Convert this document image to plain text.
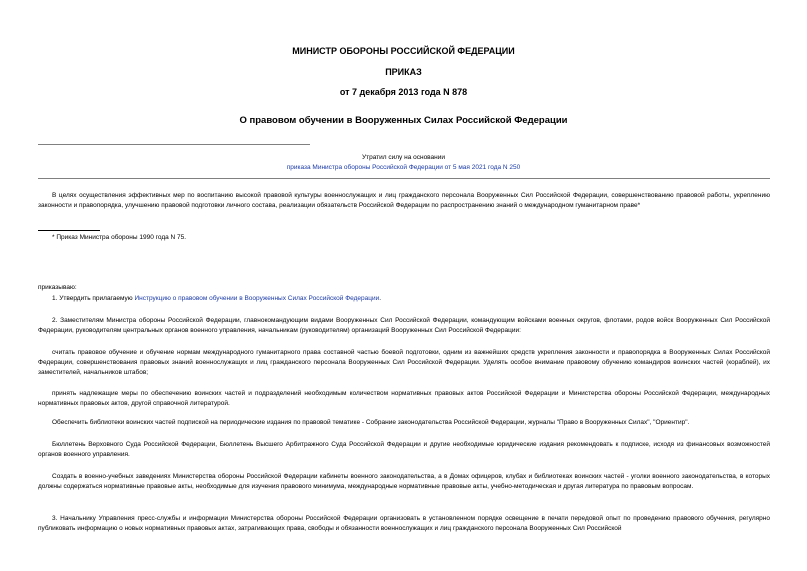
МИНИСТР ОБОРОНЫ РОССИЙСКОЙ ФЕДЕРАЦИИ
ПРИКАЗ
от 7 декабря 2013 года N 878
О правовом обучении в Вооруженных Силах Российской Федерации
Утратил силу на основании
приказа Министра обороны Российской Федерации от 5 мая 2021 года N 250
В целях осуществления эффективных мер по воспитанию высокой правовой культуры военнослужащих и лиц гражданского персонала Вооруженных Сил Российской Федерации, совершенствованию правовой работы, укреплению законности и правопорядка, улучшению правовой подготовки личного состава, реализации обязательств Российской Федерации по распространению знаний о международном гуманитарном праве*
* Приказ Министра обороны 1990 года N 75.
приказываю:
1. Утвердить прилагаемую Инструкцию о правовом обучении в Вооруженных Силах Российской Федерации.
2. Заместителям Министра обороны Российской Федерации, главнокомандующим видами Вооруженных Сил Российской Федерации, командующим войсками военных округов, флотами, родов войск Вооруженных Сил Российской Федерации, руководителям центральных органов военного управления, начальникам (руководителям) организаций Вооруженных Сил Российской Федерации:
считать правовое обучение и обучение нормам международного гуманитарного права составной частью боевой подготовки, одним из важнейших средств укрепления законности и правопорядка в Вооруженных Силах Российской Федерации, совершенствования правовых знаний военнослужащих и лиц гражданского персонала Вооруженных Сил Российской Федерации. Уделять особое внимание правовому обучению командиров воинских частей (кораблей), их заместителей, начальников штабов;
принять надлежащие меры по обеспечению воинских частей и подразделений необходимым количеством нормативных правовых актов Российской Федерации и Министерства обороны Российской Федерации, международных нормативных правовых актов, другой справочной литературой.
Обеспечить библиотеки воинских частей подпиской на периодические издания по правовой тематике - Собрание законодательства Российской Федерации, журналы "Право в Вооруженных Силах", "Ориентир".
Бюллетень Верховного Суда Российской Федерации, Бюллетень Высшего Арбитражного Суда Российской Федерации и другие необходимые юридические издания рекомендовать к подписке, исходя из финансовых возможностей органов военного управления.
Создать в военно-учебных заведениях Министерства обороны Российской Федерации кабинеты военного законодательства, а в Домах офицеров, клубах и библиотеках воинских частей - уголки военного законодательства, в которых должны содержаться нормативные правовые акты, необходимые для изучения правового минимума, международные нормативные правовые акты, учебно-методическая и другая литература по правовым вопросам.
3. Начальнику Управления пресс-службы и информации Министерства обороны Российской Федерации организовать в установленном порядке освещение в печати передовой опыт по проведению правового обучения, регулярно публиковать информацию о новых нормативных правовых актах, затрагивающих права, свободы и обязанности военнослужащих и лиц гражданского персонала Вооруженных Сил Российской
